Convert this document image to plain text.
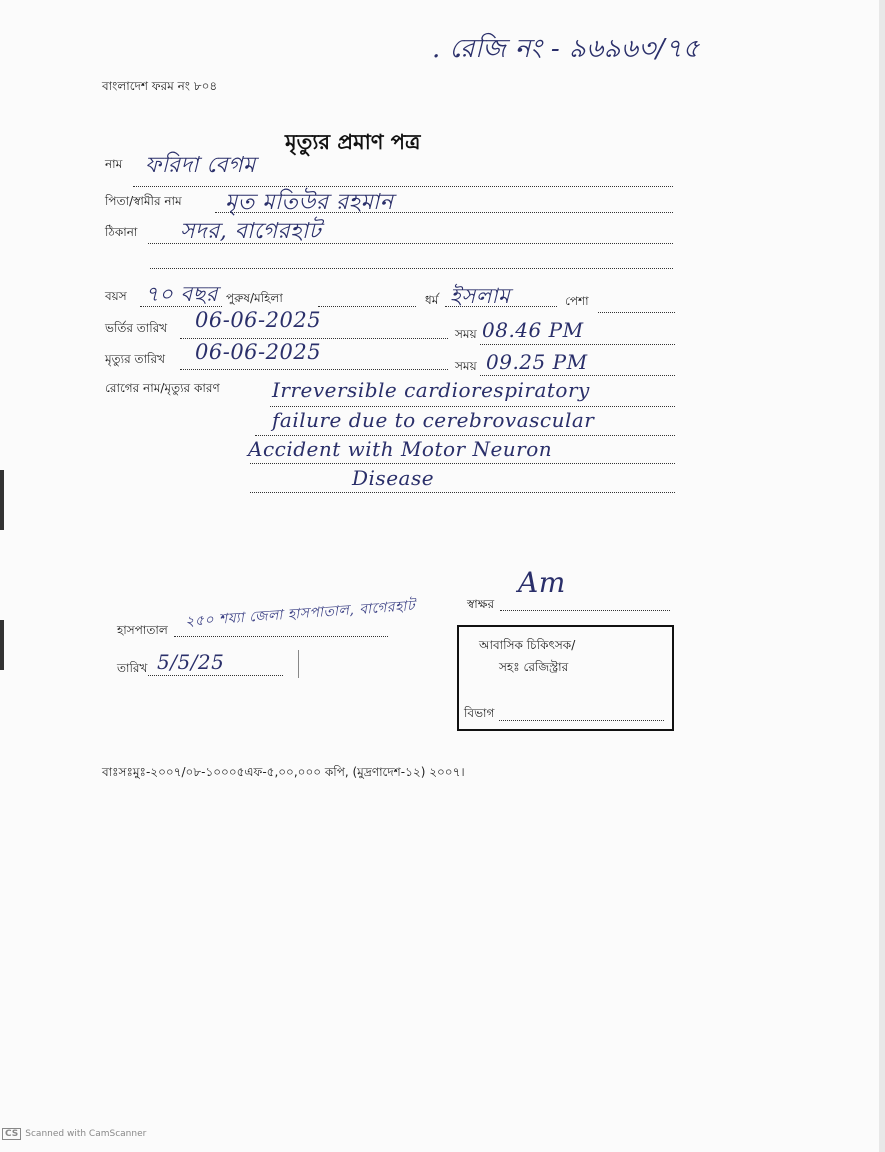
. রেজি নং - ৯৬৯৬৩/৭৫
বাংলাদেশ ফরম নং ৮০৪
মৃত্যুর প্রমাণ পত্র
নাম ফরিদা বেগম
পিতা/স্বামীর নাম মৃত মতিউর রহমান
ঠিকানা সদর, বাগেরহাট
বয়স ৭০ বছর পুরুষ/মহিলা	ধর্ম ইসলাম	পেশা
ভর্তির তারিখ 06-06-2025
সময় 08.46 PM
মৃত্যুর তারিখ 06-06-2025
সময় 09.25 PM
রোগের নাম/মৃত্যুর কারণ	Irreversible cardiorespiratory
failure due to cerebrovascular
Accident with Motor Neuron
Disease
স্বাক্ষর
Am
আবাসিক চিকিৎসক/
সহঃ রেজিস্ট্রার
বিভাগ
হাসপাতাল ২৫০ শয্যা জেলা হাসপাতাল, বাগেরহাট
তারিখ 5/5/25
বাঃসঃমুঃ-২০০৭/০৮-১০০০৫এফ-৫,০০,০০০ কপি, (মুদ্রণাদেশ-১২) ২০০৭।
CS Scanned with CamScanner
